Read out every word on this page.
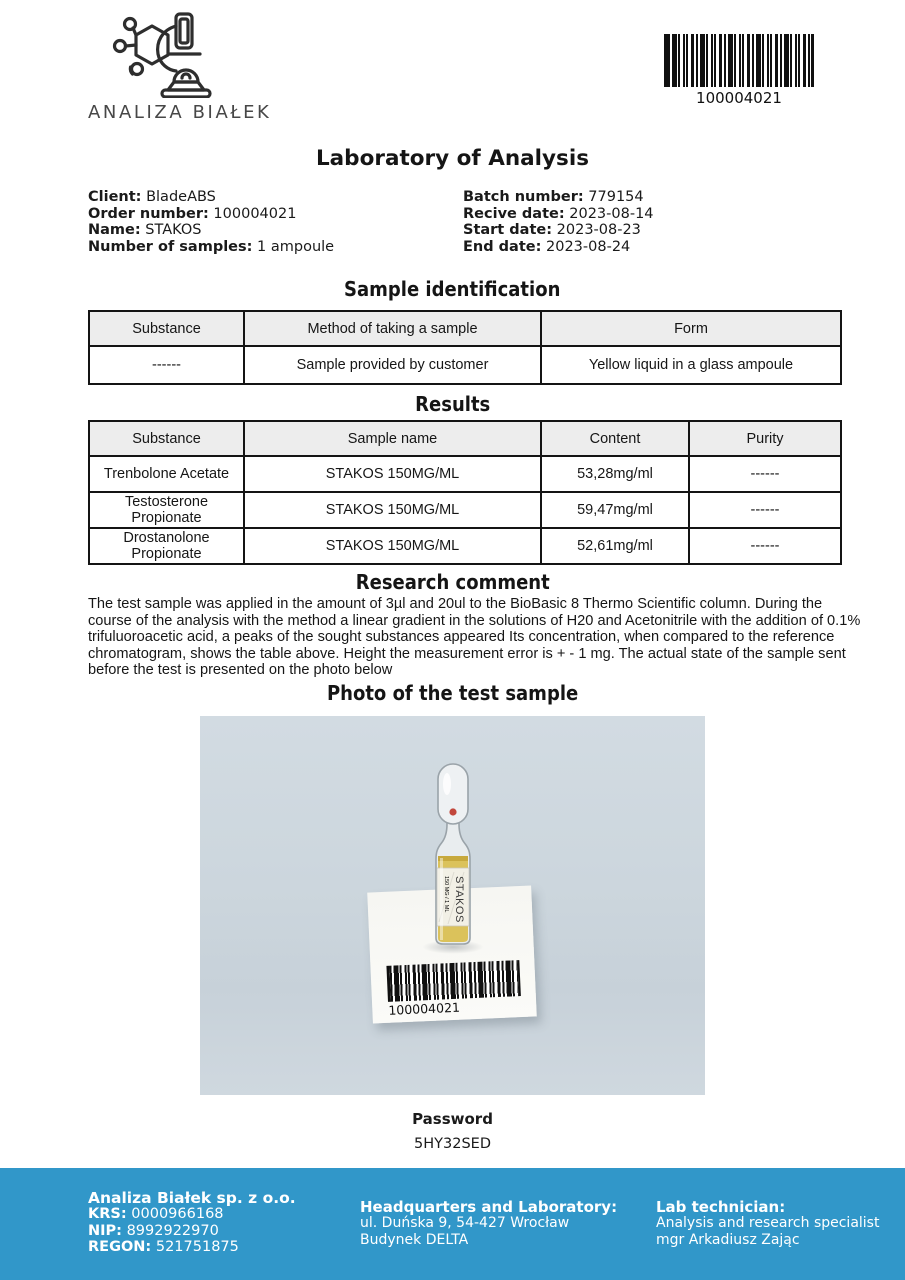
ANALIZA BIAŁEK
100004021
Laboratory of Analysis
Client: BladeABS
Order number: 100004021
Name: STAKOS
Number of samples: 1 ampoule
Batch number: 779154
Recive date: 2023-08-14
Start date: 2023-08-23
End date: 2023-08-24
Sample identification
Substance	Method of taking a sample	Form
------	Sample provided by customer	Yellow liquid in a glass ampoule
Results
Substance	Sample name	Content	Purity
Trenbolone Acetate	STAKOS 150MG/ML	53,28mg/ml	------
Testosterone Propionate	STAKOS 150MG/ML	59,47mg/ml	------
Drostanolone Propionate	STAKOS 150MG/ML	52,61mg/ml	------
Research comment
The test sample was applied in the amount of 3µl and 20ul to the BioBasic 8 Thermo Scientific column. During the course of the analysis with the method a linear gradient in the solutions of H20 and Acetonitrile with the addition of 0.1% trifuluoroacetic acid, a peaks of the sought substances appeared Its concentration, when compared to the reference chromatogram, shows the table above. Height the measurement error is + - 1 mg. The actual state of the sample sent before the test is presented on the photo below
Photo of the test sample
100004021
STAKOS
150 MG / 1 ML
Password
5HY32SED
Analiza Białek sp. z o.o.
KRS: 0000966168
NIP: 8992922970
REGON: 521751875
Headquarters and Laboratory:
ul. Duńska 9, 54-427 Wrocław
Budynek DELTA
Lab technician:
Analysis and research specialist
mgr Arkadiusz Zając
